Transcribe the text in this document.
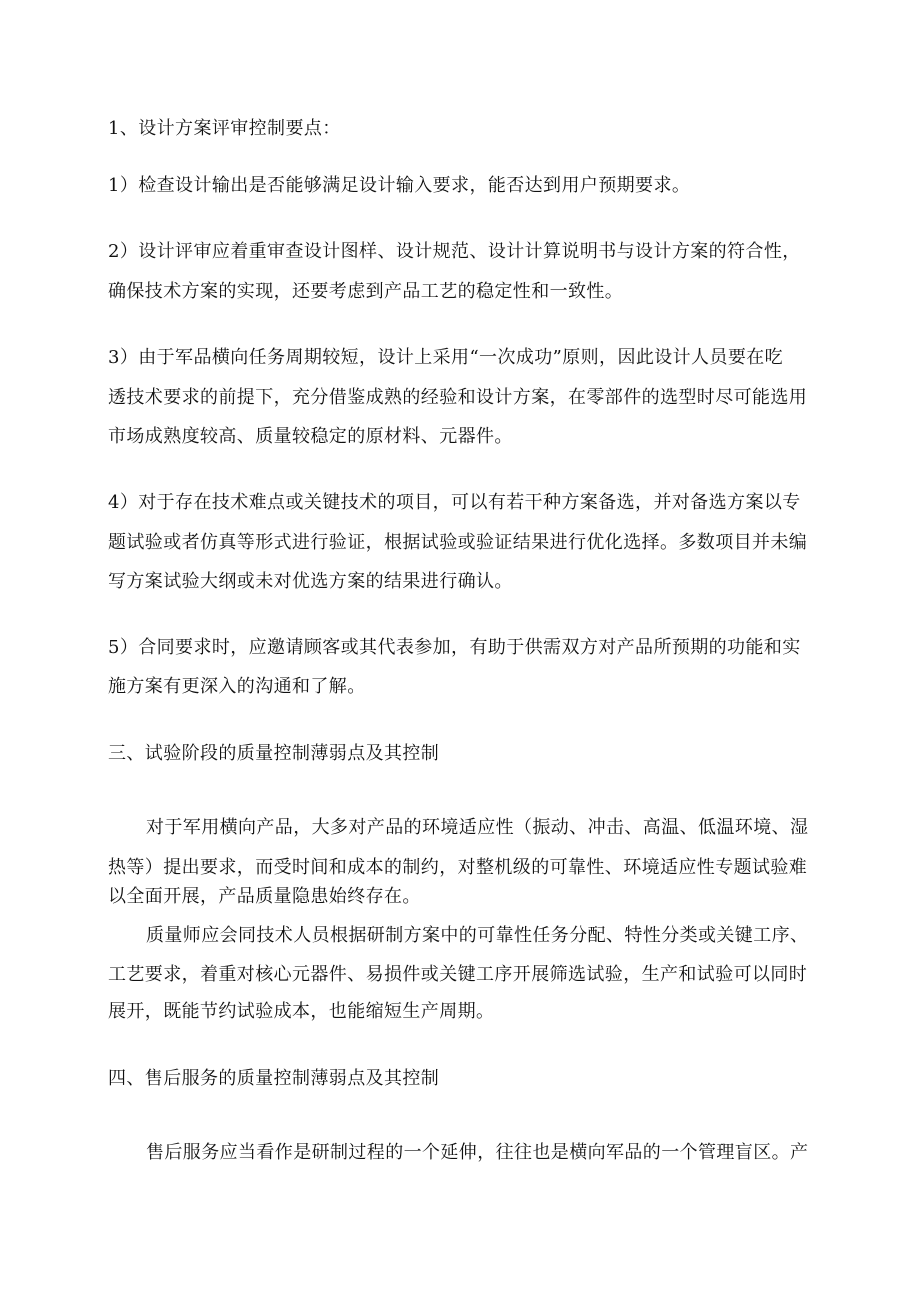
1、设计方案评审控制要点：
1）检查设计输出是否能够满足设计输入要求，能否达到用户预期要求。
2）设计评审应着重审查设计图样、设计规范、设计计算说明书与设计方案的符合性，
确保技术方案的实现，还要考虑到产品工艺的稳定性和一致性。
3）由于军品横向任务周期较短，设计上采用“一次成功”原则，因此设计人员要在吃
透技术要求的前提下，充分借鉴成熟的经验和设计方案，在零部件的选型时尽可能选用
市场成熟度较高、质量较稳定的原材料、元器件。
4）对于存在技术难点或关键技术的项目，可以有若干种方案备选，并对备选方案以专
题试验或者仿真等形式进行验证，根据试验或验证结果进行优化选择。多数项目并未编
写方案试验大纲或未对优选方案的结果进行确认。
5）合同要求时，应邀请顾客或其代表参加，有助于供需双方对产品所预期的功能和实
施方案有更深入的沟通和了解。
三、试验阶段的质量控制薄弱点及其控制
对于军用横向产品，大多对产品的环境适应性（振动、冲击、高温、低温环境、湿
热等）提出要求，而受时间和成本的制约，对整机级的可靠性、环境适应性专题试验难
以全面开展，产品质量隐患始终存在。
质量师应会同技术人员根据研制方案中的可靠性任务分配、特性分类或关键工序、
工艺要求，着重对核心元器件、易损件或关键工序开展筛选试验，生产和试验可以同时
展开，既能节约试验成本，也能缩短生产周期。
四、售后服务的质量控制薄弱点及其控制
售后服务应当看作是研制过程的一个延伸，往往也是横向军品的一个管理盲区。产
